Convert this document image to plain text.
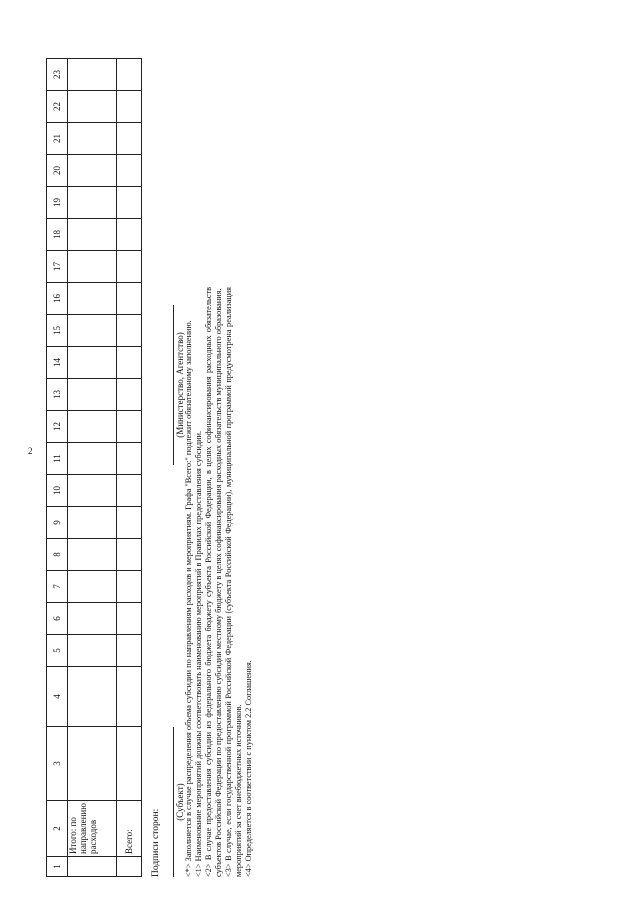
2
1	2	3	4	5	6	7	8	9	10	11	12	13	14	15	16	17	18	19	20	21	22	23
	Итого: по направлению расходов																					
	Всего:																					Подписи сторон:
(Субъект)
(Министерство, Агентство) <*> Заполняется в случае распределения объема субсидии по направлениям расходов и мероприятиям. Графа "Всего:" подлежит обязательному заполнению. <1> Наименование мероприятий должны соответствовать наименованию мероприятий в Правилах предоставления субсидии. <2> В случае предоставления субсидии из федерального бюджета бюджету субъекта Российской Федерации, в целях софинансирования расходных обязательств субъектов Российской Федерации по предоставлению субсидии местному бюджету в целях софинансирования расходных обязательств муниципального образования. <3> В случае, если государственной программой Российской Федерации (субъекта Российской Федерации), муниципальной программой предусмотрена реализация мероприятий за счет внебюджетных источников. <4> Определяется в соответствии с пунктом 2.2 Соглашения.
